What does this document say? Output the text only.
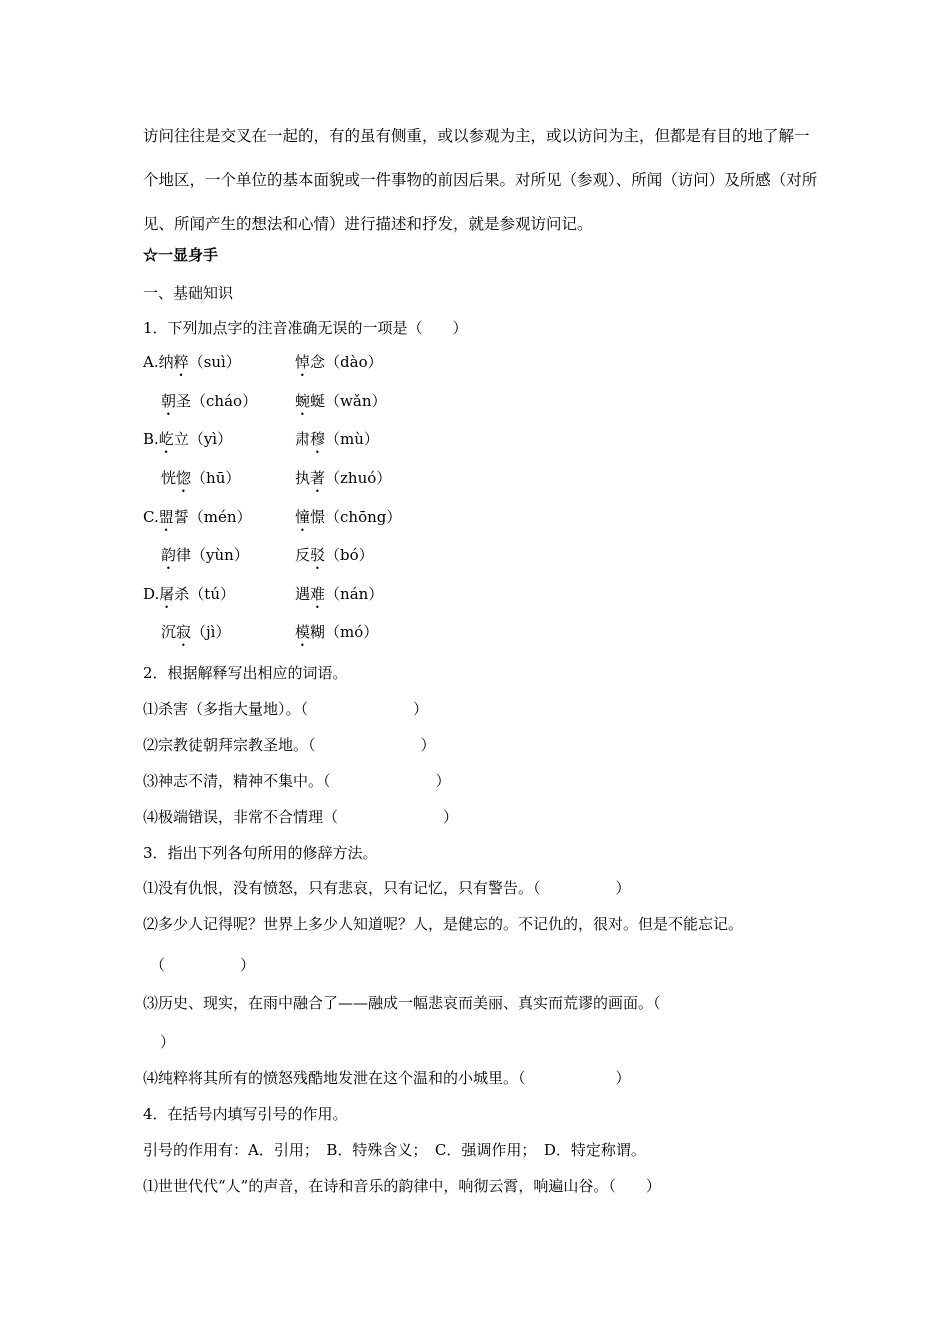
访问往往是交叉在一起的，有的虽有侧重，或以参观为主，或以访问为主，但都是有目的地了解一个地区，一个单位的基本面貌或一件事物的前因后果。对所见（参观）、所闻（访问）及所感（对所见、所闻产生的想法和心情）进行描述和抒发，就是参观访问记。
☆一显身手
一、基础知识
1．下列加点字的注音准确无误的一项是（　　）
A.纳粹（suì）	悼念（dào）
朝圣（cháo）	蜿蜒（wǎn）
B.屹立（yì）	肃穆（mù）
恍惚（hū）	执著（zhuó）
C.盟誓（mén）	憧憬（chōng）
韵律（yùn）	反驳（bó）
D.屠杀（tú）	遇难（nán）
沉寂（jì）	模糊（mó）
2．根据解释写出相应的词语。
⑴杀害（多指大量地）。（　　　　　　　）
⑵宗教徒朝拜宗教圣地。（　　　　　　　）
⑶神志不清，精神不集中。（　　　　　　　）
⑷极端错误，非常不合情理（　　　　　　　）
3．指出下列各句所用的修辞方法。
⑴没有仇恨，没有愤怒，只有悲哀，只有记忆，只有警告。（　　　　　）
⑵多少人记得呢？世界上多少人知道呢？人，是健忘的。不记仇的，很对。但是不能忘记。
（　　　　　）
⑶历史、现实，在雨中融合了——融成一幅悲哀而美丽、真实而荒谬的画面。（
）
⑷纯粹将其所有的愤怒残酷地发泄在这个温和的小城里。（　　　　　　）
4．在括号内填写引号的作用。
引号的作用有：A．引用；　B．特殊含义；　C．强调作用；　D．特定称谓。
⑴世世代代“人”的声音，在诗和音乐的韵律中，响彻云霄，响遍山谷。（　　）
